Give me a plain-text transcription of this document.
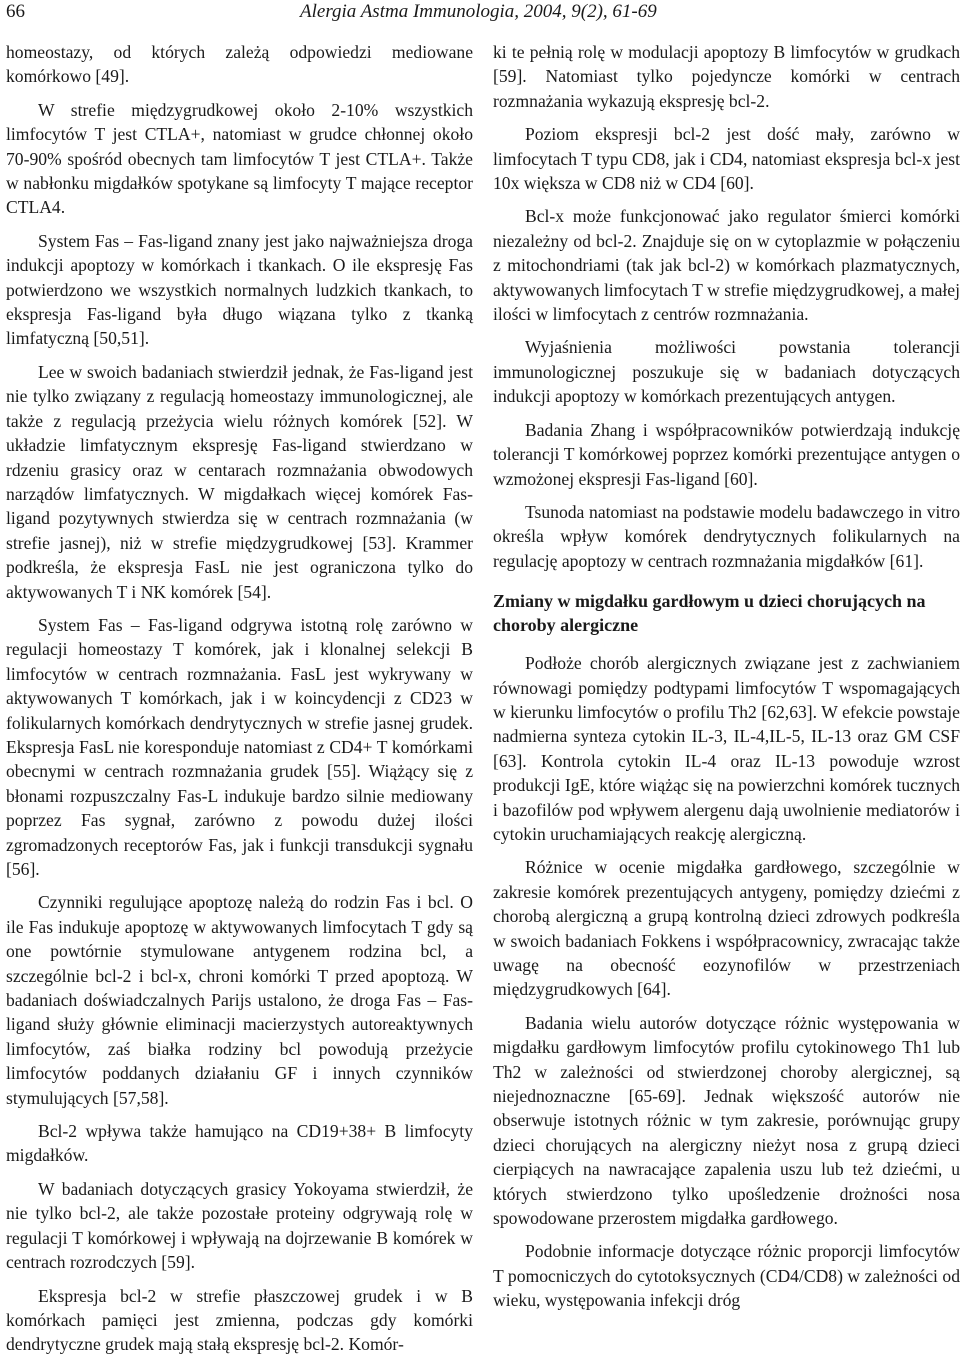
66	Alergia Astma Immunologia, 2004, 9(2), 61-69

homeostazy, od których zależą odpowiedzi mediowane komórkowo [49].

W strefie międzygrudkowej około 2-10% wszystkich limfocytów T jest CTLA+, natomiast w grudce chłonnej około 70-90% spośród obecnych tam limfocytów T jest CTLA+. Także w nabłonku migdałków spotykane są limfocyty T mające receptor CTLA4.

System Fas – Fas-ligand znany jest jako najważniejsza droga indukcji apoptozy w komórkach i tkankach. O ile ekspresję Fas potwierdzono we wszystkich normalnych ludzkich tkankach, to ekspresja Fas-ligand była długo wiązana tylko z tkanką limfatyczną [50,51].

Lee w swoich badaniach stwierdził jednak, że Fas-ligand jest nie tylko związany z regulacją homeostazy immunologicznej, ale także z regulacją przeżycia wielu różnych komórek [52]. W układzie limfatycznym ekspresję Fas-ligand stwierdzano w rdzeniu grasicy oraz w centarach rozmnażania obwodowych narządów limfatycznych. W migdałkach więcej komórek Fas-ligand pozytywnych stwierdza się w centrach rozmnażania (w strefie jasnej), niż w strefie międzygrudkowej [53]. Krammer podkreśla, że ekspresja FasL nie jest ograniczona tylko do aktywowanych T i NK komórek [54].

System Fas – Fas-ligand odgrywa istotną rolę zarówno w regulacji homeostazy T komórek, jak i klonalnej selekcji B limfocytów w centrach rozmnażania. FasL jest wykrywany w aktywowanych T komórkach, jak i w koincydencji z CD23 w folikularnych komórkach dendrytycznych w strefie jasnej grudek. Ekspresja FasL nie koresponduje natomiast z CD4+ T komórkami obecnymi w centrach rozmnażania grudek [55]. Wiążący się z błonami rozpuszczalny Fas-L indukuje bardzo silnie mediowany poprzez Fas sygnał, zarówno z powodu dużej ilości zgromadzonych receptorów Fas, jak i funkcji transdukcji sygnału [56].

Czynniki regulujące apoptozę należą do rodzin Fas i bcl. O ile Fas indukuje apoptozę w aktywowanych limfocytach T gdy są one powtórnie stymulowane antygenem rodzina bcl, a szczególnie bcl-2 i bcl-x, chroni komórki T przed apoptozą. W badaniach doświadczalnych Parijs ustalono, że droga Fas – Fas-ligand służy głównie eliminacji macierzystych autoreaktywnych limfocytów, zaś białka rodziny bcl powodują przeżycie limfocytów poddanych działaniu GF i innych czynników stymulujących [57,58].

Bcl-2 wpływa także hamująco na CD19+38+ B limfocyty migdałków.

W badaniach dotyczących grasicy Yokoyama stwierdził, że nie tylko bcl-2, ale także pozostałe proteiny odgrywają rolę w regulacji T komórkowej i wpływają na dojrzewanie B komórek w centrach rozrodczych [59].

Ekspresja bcl-2 w strefie płaszczowej grudek i w B komórkach pamięci jest zmienna, podczas gdy komórki dendrytyczne grudek mają stałą ekspresję bcl-2. Komór-

ki te pełnią rolę w modulacji apoptozy B limfocytów w grudkach [59]. Natomiast tylko pojedyncze komórki w centrach rozmnażania wykazują ekspresję bcl-2.

Poziom ekspresji bcl-2 jest dość mały, zarówno w limfocytach T typu CD8, jak i CD4, natomiast ekspresja bcl-x jest 10x większa w CD8 niż w CD4 [60].

Bcl-x może funkcjonować jako regulator śmierci komórki niezależny od bcl-2. Znajduje się on w cytoplazmie w połączeniu z mitochondriami (tak jak bcl-2) w komórkach plazmatycznych, aktywowanych limfocytach T w strefie międzygrudkowej, a małej ilości w limfocytach z centrów rozmnażania.

Wyjaśnienia możliwości powstania tolerancji immunologicznej poszukuje się w badaniach dotyczących indukcji apoptozy w komórkach prezentujących antygen.

Badania Zhang i współpracowników potwierdzają indukcję tolerancji T komórkowej poprzez komórki prezentujące antygen o wzmożonej ekspresji Fas-ligand [60].

Tsunoda natomiast na podstawie modelu badawczego in vitro określa wpływ komórek dendrytycznych folikularnych na regulację apoptozy w centrach rozmnażania migdałków [61].

Zmiany w migdałku gardłowym u dzieci chorujących na choroby alergiczne

Podłoże chorób alergicznych związane jest z zachwianiem równowagi pomiędzy podtypami limfocytów T wspomagających w kierunku limfocytów o profilu Th2 [62,63]. W efekcie powstaje nadmierna synteza cytokin IL-3, IL-4,IL-5, IL-13 oraz GM CSF [63]. Kontrola cytokin IL-4 oraz IL-13 powoduje wzrost produkcji IgE, które wiążąc się na powierzchni komórek tucznych i bazofilów pod wpływem alergenu dają uwolnienie mediatorów i cytokin uruchamiających reakcję alergiczną.

Różnice w ocenie migdałka gardłowego, szczególnie w zakresie komórek prezentujących antygeny, pomiędzy dziećmi z chorobą alergiczną a grupą kontrolną dzieci zdrowych podkreśla w swoich badaniach Fokkens i współpracownicy, zwracając także uwagę na obecność eozynofilów w przestrzeniach międzygrudkowych [64].

Badania wielu autorów dotyczące różnic występowania w migdałku gardłowym limfocytów profilu cytokinowego Th1 lub Th2 w zależności od stwierdzonej choroby alergicznej, są niejednoznaczne [65-69]. Jednak większość autorów nie obserwuje istotnych różnic w tym zakresie, porównując grupy dzieci chorujących na alergiczny nieżyt nosa z grupą dzieci cierpiących na nawracające zapalenia uszu lub też dziećmi, u których stwierdzono tylko upośledzenie drożności nosa spowodowane przerostem migdałka gardłowego.

Podobnie informacje dotyczące różnic proporcji limfocytów T pomocniczych do cytotoksycznych (CD4/CD8) w zależności od wieku, występowania infekcji dróg
